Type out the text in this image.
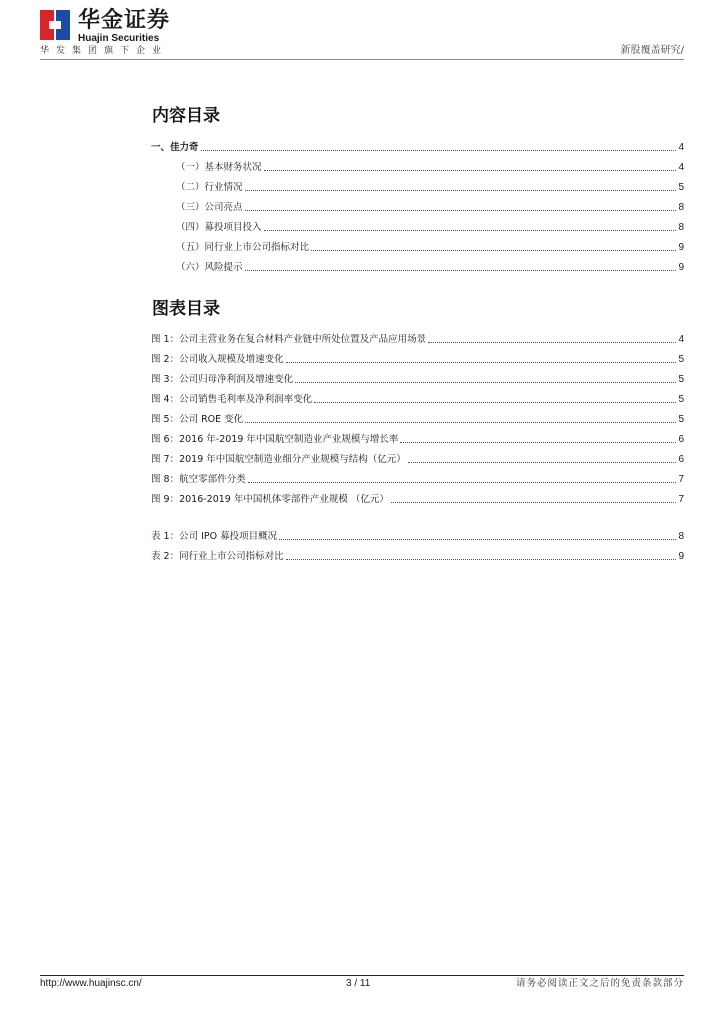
华金证券
Huajin Securities
华发集团旗下企业	新股覆盖研究/
内容目录
一、佳力奇	4
（一）基本财务状况	4
（二）行业情况	5
（三）公司亮点	8
（四）募投项目投入	8
（五）同行业上市公司指标对比	9
（六）风险提示	9
图表目录
图 1：公司主营业务在复合材料产业链中所处位置及产品应用场景	4
图 2：公司收入规模及增速变化	5
图 3：公司归母净利润及增速变化	5
图 4：公司销售毛利率及净利润率变化	5
图 5：公司 ROE 变化	5
图 6：2016 年-2019 年中国航空制造业产业规模与增长率	6
图 7：2019 年中国航空制造业细分产业规模与结构（亿元）	6
图 8：航空零部件分类	7
图 9：2016-2019 年中国机体零部件产业规模 （亿元）	7
表 1：公司 IPO 募投项目概况	8
表 2：同行业上市公司指标对比	9
http://www.huajinsc.cn/	3 / 11	请务必阅读正文之后的免责条款部分
